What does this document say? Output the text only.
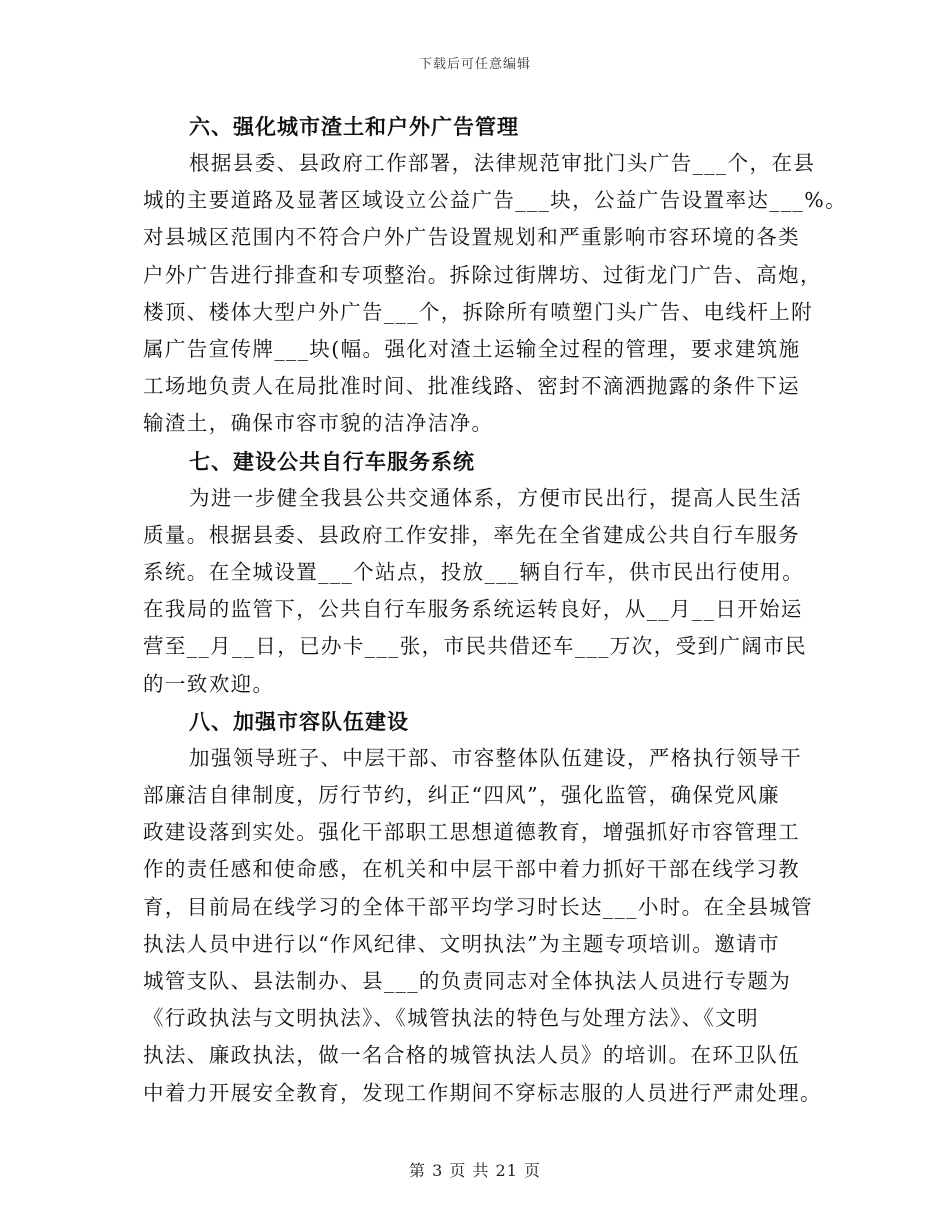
下载后可任意编辑

六、强化城市渣土和户外广告管理

根据县委、县政府工作部署，法律规范审批门头广告___个，在县

城的主要道路及显著区域设立公益广告___块，公益广告设置率达___%。

对县城区范围内不符合户外广告设置规划和严重影响市容环境的各类

户外广告进行排查和专项整治。拆除过街牌坊、过街龙门广告、高炮，

楼顶、楼体大型户外广告___个，拆除所有喷塑门头广告、电线杆上附

属广告宣传牌___块(幅。强化对渣土运输全过程的管理，要求建筑施

工场地负责人在局批准时间、批准线路、密封不滴洒抛露的条件下运

输渣土，确保市容市貌的洁净洁净。

七、建设公共自行车服务系统

为进一步健全我县公共交通体系，方便市民出行，提高人民生活

质量。根据县委、县政府工作安排，率先在全省建成公共自行车服务

系统。在全城设置___个站点，投放___辆自行车，供市民出行使用。

在我局的监管下，公共自行车服务系统运转良好，从__月__日开始运

营至__月__日，已办卡___张，市民共借还车___万次，受到广阔市民

的一致欢迎。

八、加强市容队伍建设

加强领导班子、中层干部、市容整体队伍建设，严格执行领导干

部廉洁自律制度，厉行节约，纠正“四风”，强化监管，确保党风廉

政建设落到实处。强化干部职工思想道德教育，增强抓好市容管理工

作的责任感和使命感，在机关和中层干部中着力抓好干部在线学习教

育，目前局在线学习的全体干部平均学习时长达___小时。在全县城管

执法人员中进行以“作风纪律、文明执法”为主题专项培训。邀请市

城管支队、县法制办、县___的负责同志对全体执法人员进行专题为

《行政执法与文明执法》、《城管执法的特色与处理方法》、《文明

执法、廉政执法，做一名合格的城管执法人员》的培训。在环卫队伍

中着力开展安全教育，发现工作期间不穿标志服的人员进行严肃处理。

第 3 页 共 21 页
